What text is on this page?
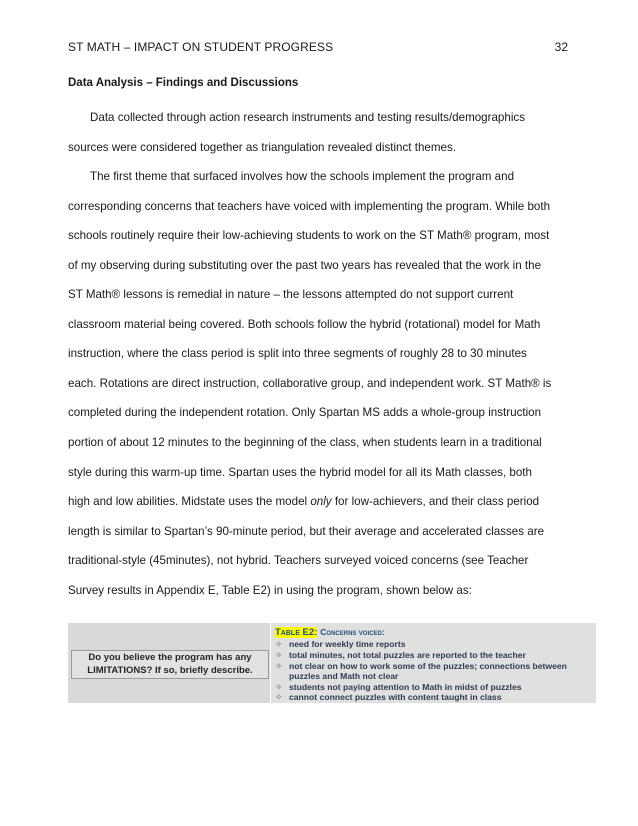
ST MATH – IMPACT ON STUDENT PROGRESS	32
Data Analysis – Findings and Discussions
Data collected through action research instruments and testing results/demographics
sources were considered together as triangulation revealed distinct themes.
The first theme that surfaced involves how the schools implement the program and
corresponding concerns that teachers have voiced with implementing the program. While both
schools routinely require their low-achieving students to work on the ST Math® program, most
of my observing during substituting over the past two years has revealed that the work in the
ST Math® lessons is remedial in nature – the lessons attempted do not support current
classroom material being covered. Both schools follow the hybrid (rotational) model for Math
instruction, where the class period is split into three segments of roughly 28 to 30 minutes
each. Rotations are direct instruction, collaborative group, and independent work. ST Math® is
completed during the independent rotation. Only Spartan MS adds a whole-group instruction
portion of about 12 minutes to the beginning of the class, when students learn in a traditional
style during this warm-up time. Spartan uses the hybrid model for all its Math classes, both
high and low abilities. Midstate uses the model only for low-achievers, and their class period
length is similar to Spartan’s 90-minute period, but their average and accelerated classes are
traditional-style (45minutes), not hybrid. Teachers surveyed voiced concerns (see Teacher
Survey results in Appendix E, Table E2) in using the program, shown below as:
Do you believe the program has any
LIMITATIONS? If so, briefly describe.
Table E2: Concerns voiced:
✧ need for weekly time reports
✧ total minutes, not total puzzles are reported to the teacher
✧ not clear on how to work some of the puzzles; connections between puzzles and Math not clear
✧ students not paying attention to Math in midst of puzzles
✧ cannot connect puzzles with content taught in class
